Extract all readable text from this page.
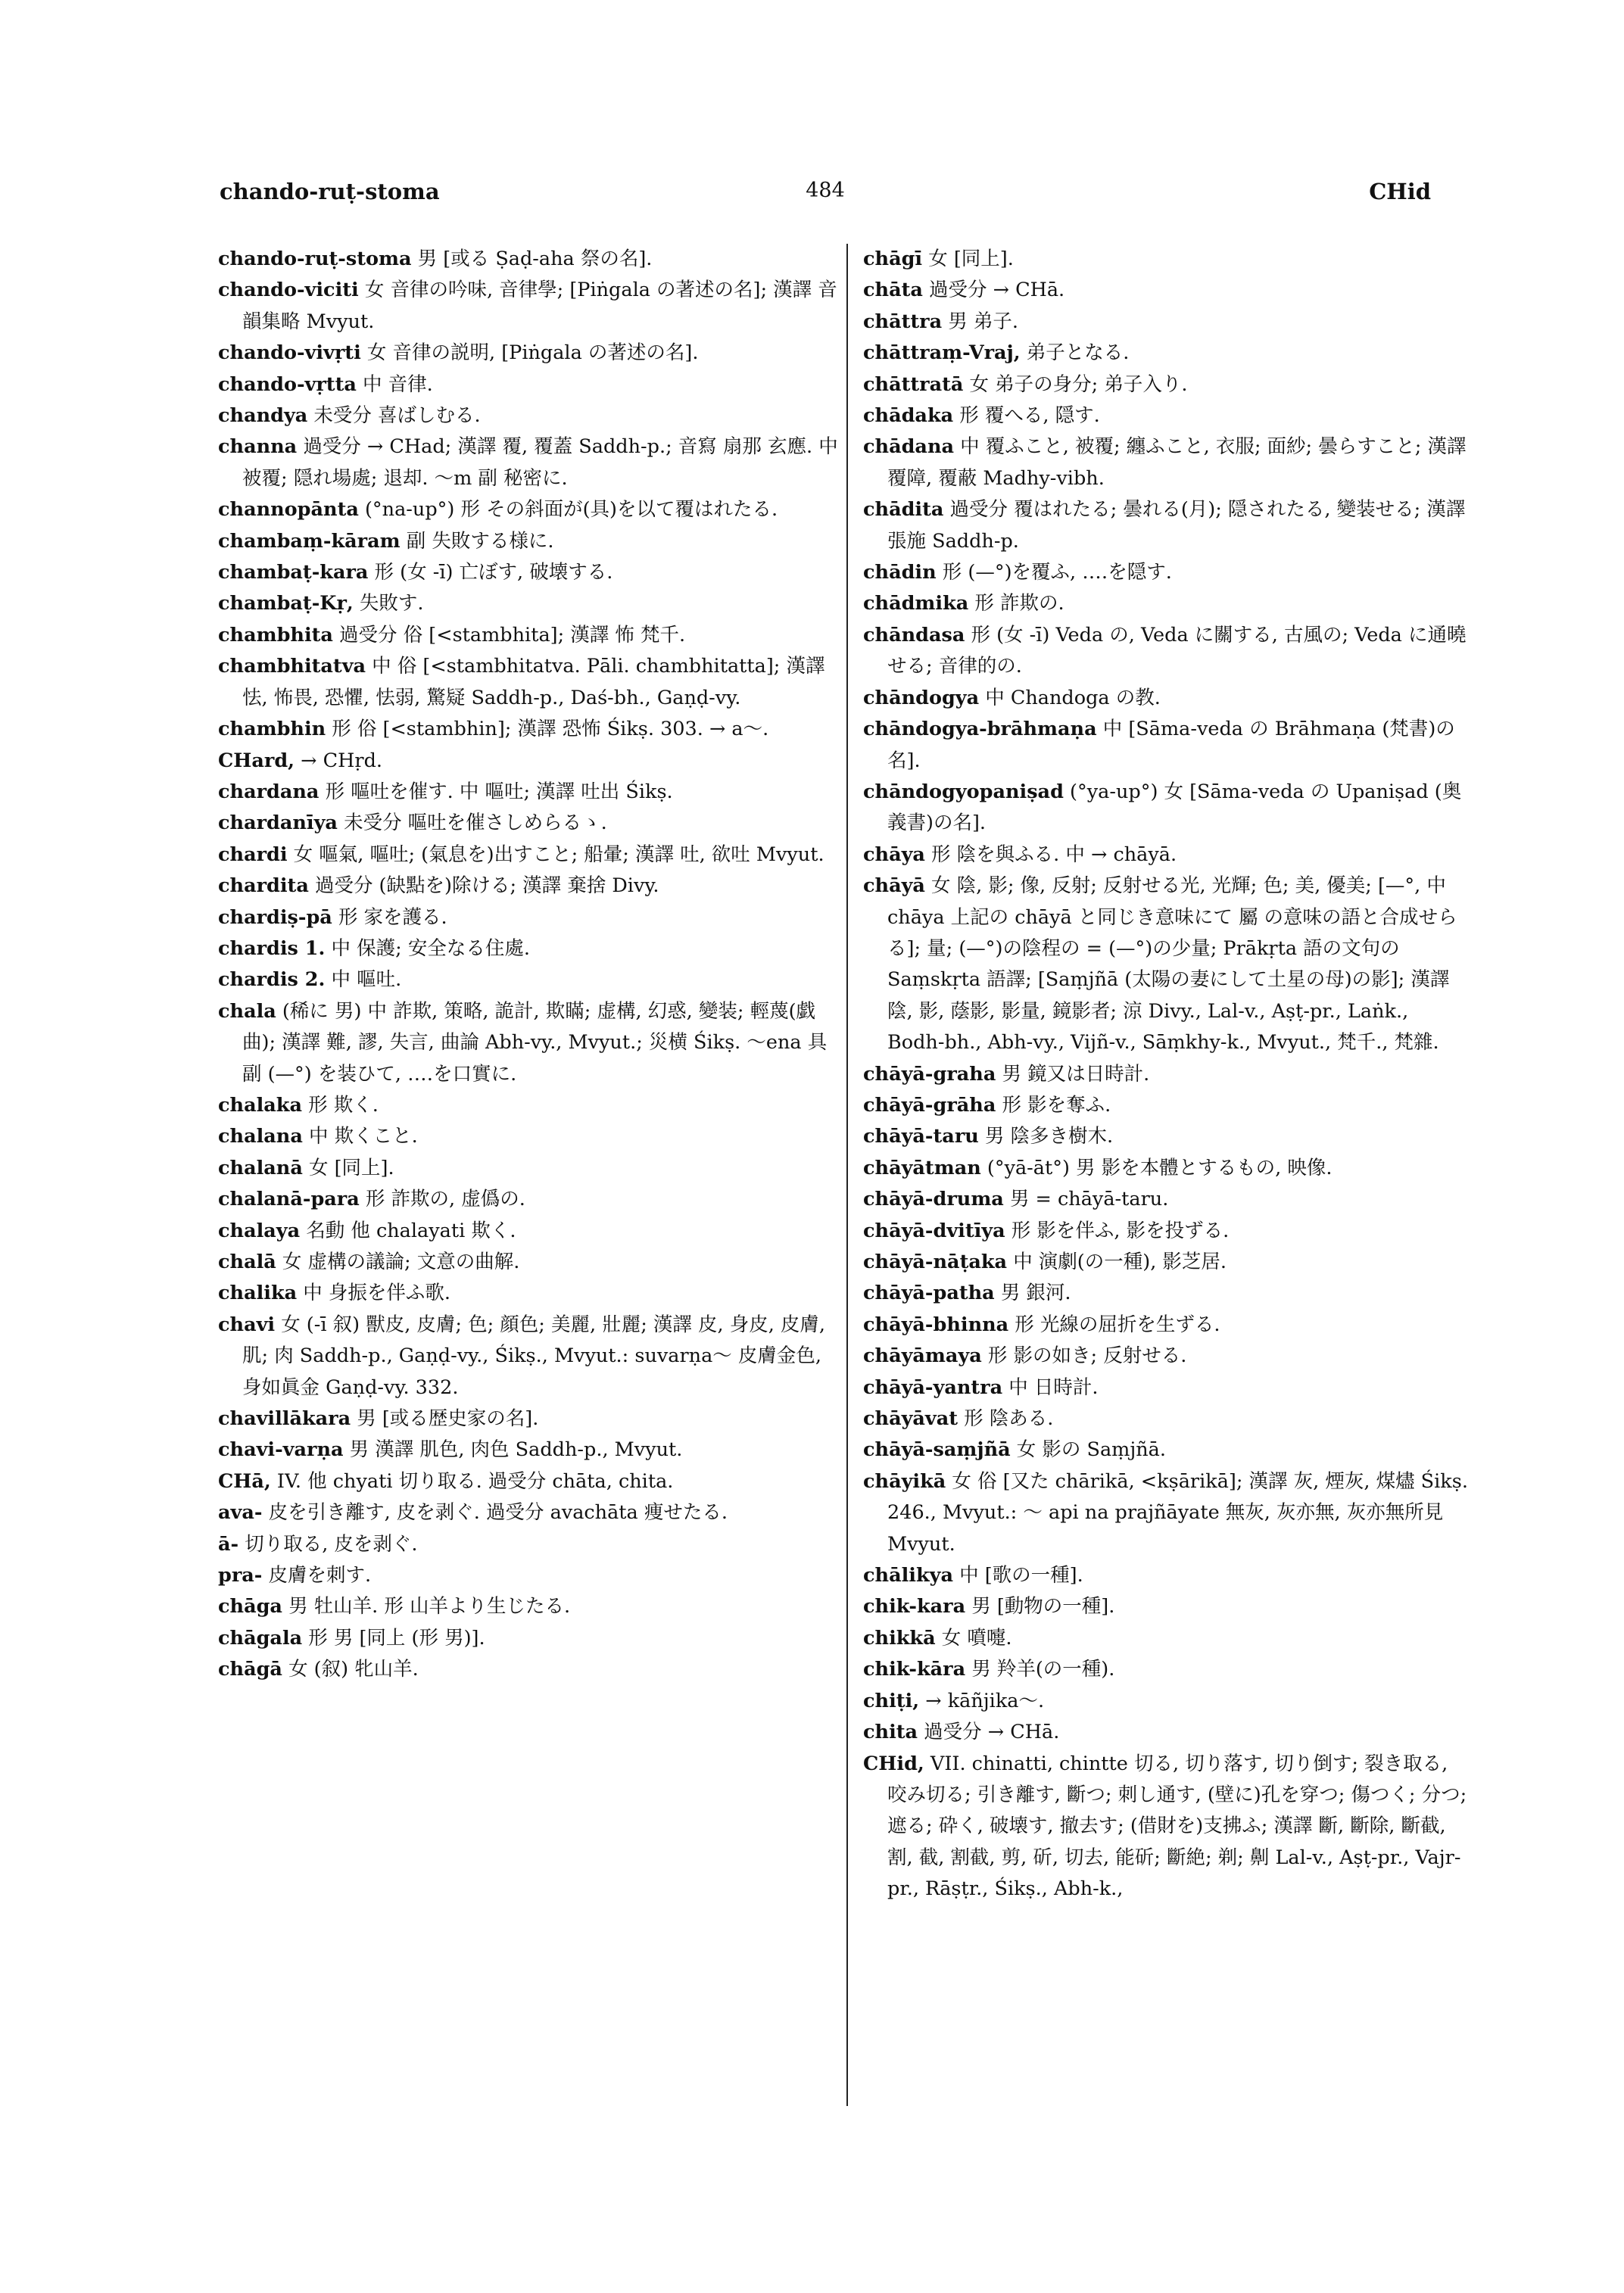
chando-ruṭ-stoma	484	CHid

chando-ruṭ-stoma 男 [或る Ṣaḍ-aha 祭の名].

chando-viciti 女 音律の吟味, 音律學; [Piṅgala の著述の名]; 漢譯 音韻集略 Mvyut.

chando-vivṛti 女 音律の説明, [Piṅgala の著述の名].

chando-vṛtta 中 音律.

chandya 未受分 喜ばしむる.

channa 過受分 → CHad; 漢譯 覆, 覆蓋 Saddh-p.; 音寫 扇那 玄應. 中 被覆; 隠れ場處; 退却. ～m 副 秘密に.

channopānta (°na-up°) 形 その斜面が(具)を以て覆はれたる.

chambaṃ-kāram 副 失敗する様に.

chambaṭ-kara 形 (女 -ī) 亡ぼす, 破壊する.

chambaṭ-Kṛ, 失敗す.

chambhita 過受分 俗 [<stambhita]; 漢譯 怖 梵千.

chambhitatva 中 俗 [<stambhitatva. Pāli. chambhitatta]; 漢譯 怯, 怖畏, 恐懼, 怯弱, 驚疑 Saddh-p., Daś-bh., Gaṇḍ-vy.

chambhin 形 俗 [<stambhin]; 漢譯 恐怖 Śikṣ. 303. → a～.

CHard, → CHṛd.

chardana 形 嘔吐を催す. 中 嘔吐; 漢譯 吐出 Śikṣ.

chardanīya 未受分 嘔吐を催さしめらるゝ.

chardi 女 嘔氣, 嘔吐; (氣息を)出すこと; 船暈; 漢譯 吐, 欲吐 Mvyut.

chardita 過受分 (缺點を)除ける; 漢譯 棄捨 Divy.

chardiṣ-pā 形 家を護る.

chardis 1. 中 保護; 安全なる住處.

chardis 2. 中 嘔吐.

chala (稀に 男) 中 詐欺, 策略, 詭計, 欺瞞; 虚構, 幻惑, 變装; 輕蔑(戯曲); 漢譯 難, 謬, 失言, 曲論 Abh-vy., Mvyut.; 災横 Śikṣ. ～ena 具 副 (—°) を装ひて, ‥‥を口實に.

chalaka 形 欺く.

chalana 中 欺くこと.

chalanā 女 [同上].

chalanā-para 形 詐欺の, 虚僞の.

chalaya 名動 他 chalayati 欺く.

chalā 女 虚構の議論; 文意の曲解.

chalika 中 身振を伴ふ歌.

chavi 女 (-ī 叙) 獸皮, 皮膚; 色; 顔色; 美麗, 壯麗; 漢譯 皮, 身皮, 皮膚, 肌; 肉 Saddh-p., Gaṇḍ-vy., Śikṣ., Mvyut.: suvarṇa～ 皮膚金色, 身如眞金 Gaṇḍ-vy. 332.

chavillākara 男 [或る歴史家の名].

chavi-varṇa 男 漢譯 肌色, 肉色 Saddh-p., Mvyut.

CHā, IV. 他 chyati 切り取る. 過受分 chāta, chita.

ava- 皮を引き離す, 皮を剥ぐ. 過受分 avachāta 痩せたる.

ā- 切り取る, 皮を剥ぐ.

pra- 皮膚を刺す.

chāga 男 牡山羊. 形 山羊より生じたる.

chāgala 形 男 [同上 (形 男)].

chāgā 女 (叙) 牝山羊.

chāgī 女 [同上].

chāta 過受分 → CHā.

chāttra 男 弟子.

chāttraṃ-Vraj, 弟子となる.

chāttratā 女 弟子の身分; 弟子入り.

chādaka 形 覆へる, 隠す.

chādana 中 覆ふこと, 被覆; 纏ふこと, 衣服; 面紗; 曇らすこと; 漢譯 覆障, 覆蔽 Madhy-vibh.

chādita 過受分 覆はれたる; 曇れる(月); 隠されたる, 變装せる; 漢譯 張施 Saddh-p.

chādin 形 (—°)を覆ふ, ‥‥を隠す.

chādmika 形 詐欺の.

chāndasa 形 (女 -ī) Veda の, Veda に關する, 古風の; Veda に通曉せる; 音律的の.

chāndogya 中 Chandoga の教.

chāndogya-brāhmaṇa 中 [Sāma-veda の Brāhmaṇa (梵書)の名].

chāndogyopaniṣad (°ya-up°) 女 [Sāma-veda の Upaniṣad (奥義書)の名].

chāya 形 陰を與ふる. 中 → chāyā.

chāyā 女 陰, 影; 像, 反射; 反射せる光, 光輝; 色; 美, 優美; [—°, 中 chāya 上記の chāyā と同じき意味にて 屬 の意味の語と合成せらる]; 量; (—°)の陰程の = (—°)の少量; Prākṛta 語の文句の Saṃskṛta 語譯; [Saṃjñā (太陽の妻にして土星の母)の影]; 漢譯 陰, 影, 蔭影, 影量, 鏡影者; 涼 Divy., Lal-v., Aṣṭ-pr., Laṅk., Bodh-bh., Abh-vy., Vijñ-v., Sāṃkhy-k., Mvyut., 梵千., 梵雜.

chāyā-graha 男 鏡又は日時計.

chāyā-grāha 形 影を奪ふ.

chāyā-taru 男 陰多き樹木.

chāyātman (°yā-āt°) 男 影を本體とするもの, 映像.

chāyā-druma 男 = chāyā-taru.

chāyā-dvitīya 形 影を伴ふ, 影を投ずる.

chāyā-nāṭaka 中 演劇(の一種), 影芝居.

chāyā-patha 男 銀河.

chāyā-bhinna 形 光線の屈折を生ずる.

chāyāmaya 形 影の如き; 反射せる.

chāyā-yantra 中 日時計.

chāyāvat 形 陰ある.

chāyā-saṃjñā 女 影の Saṃjñā.

chāyikā 女 俗 [又た chārikā, <kṣārikā]; 漢譯 灰, 煙灰, 煤燼 Śikṣ. 246., Mvyut.: ～ api na prajñāyate 無灰, 灰亦無, 灰亦無所見 Mvyut.

chālikya 中 [歌の一種].

chik-kara 男 [動物の一種].

chikkā 女 噴嚏.

chik-kāra 男 羚羊(の一種).

chiṭi, → kāñjika～.

chita 過受分 → CHā.

CHid, VII. chinatti, chintte 切る, 切り落す, 切り倒す; 裂き取る, 咬み切る; 引き離す, 斷つ; 刺し通す, (壁に)孔を穿つ; 傷つく; 分つ; 遮る; 砕く, 破壊す, 撤去す; (借財を)支拂ふ; 漢譯 斷, 斷除, 斷截, 割, 截, 割截, 剪, 斫, 切去, 能斫; 斷絶; 剃; 劓 Lal-v., Aṣṭ-pr., Vajr-pr., Rāṣṭr., Śikṣ., Abh-k.,
